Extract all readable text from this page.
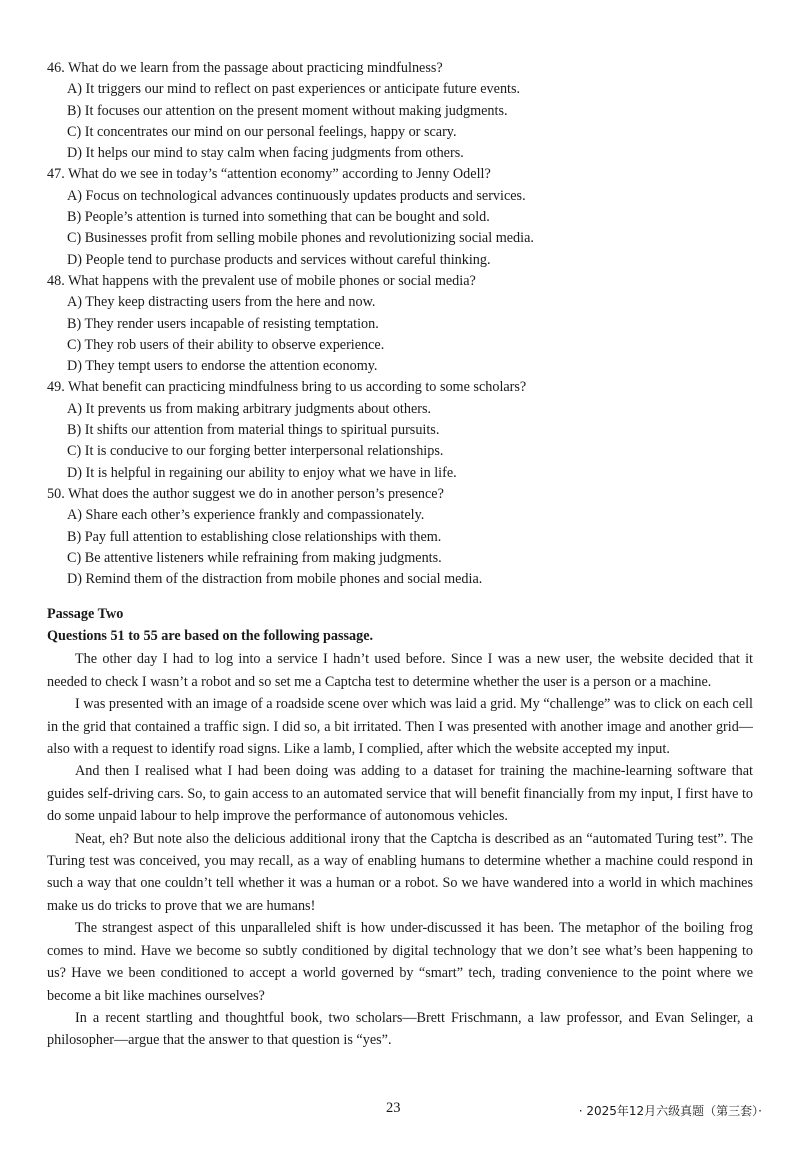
46. What do we learn from the passage about practicing mindfulness?

A) It triggers our mind to reflect on past experiences or anticipate future events.

B) It focuses our attention on the present moment without making judgments.

C) It concentrates our mind on our personal feelings, happy or scary.

D) It helps our mind to stay calm when facing judgments from others.

47. What do we see in today’s “attention economy” according to Jenny Odell?

A) Focus on technological advances continuously updates products and services.

B) People’s attention is turned into something that can be bought and sold.

C) Businesses profit from selling mobile phones and revolutionizing social media.

D) People tend to purchase products and services without careful thinking.

48. What happens with the prevalent use of mobile phones or social media?

A) They keep distracting users from the here and now.

B) They render users incapable of resisting temptation.

C) They rob users of their ability to observe experience.

D) They tempt users to endorse the attention economy.

49. What benefit can practicing mindfulness bring to us according to some scholars?

A) It prevents us from making arbitrary judgments about others.

B) It shifts our attention from material things to spiritual pursuits.

C) It is conducive to our forging better interpersonal relationships.

D) It is helpful in regaining our ability to enjoy what we have in life.

50. What does the author suggest we do in another person’s presence?

A) Share each other’s experience frankly and compassionately.

B) Pay full attention to establishing close relationships with them.

C) Be attentive listeners while refraining from making judgments.

D) Remind them of the distraction from mobile phones and social media.

Passage Two
Questions 51 to 55 are based on the following passage.

The other day I had to log into a service I hadn’t used before. Since I was a new user, the website decided that it needed to check I wasn’t a robot and so set me a Captcha test to determine whether the user is a person or a machine.

I was presented with an image of a roadside scene over which was laid a grid. My “challenge” was to click on each cell in the grid that contained a traffic sign. I did so, a bit irritated. Then I was presented with another image and another grid—also with a request to identify road signs. Like a lamb, I complied, after which the website accepted my input.

And then I realised what I had been doing was adding to a dataset for training the machine-learning software that guides self-driving cars. So, to gain access to an automated service that will benefit financially from my input, I first have to do some unpaid labour to help improve the performance of autonomous vehicles.

Neat, eh? But note also the delicious additional irony that the Captcha is described as an “automated Turing test”. The Turing test was conceived, you may recall, as a way of enabling humans to determine whether a machine could respond in such a way that one couldn’t tell whether it was a human or a robot. So we have wandered into a world in which machines make us do tricks to prove that we are humans!

The strangest aspect of this unparalleled shift is how under-discussed it has been. The metaphor of the boiling frog comes to mind. Have we become so subtly conditioned by digital technology that we don’t see what’s been happening to us? Have we been conditioned to accept a world governed by “smart” tech, trading convenience to the point where we become a bit like machines ourselves?

In a recent startling and thoughtful book, two scholars—Brett Frischmann, a law professor, and Evan Selinger, a philosopher—argue that the answer to that question is “yes”.

23	· 2025年12月六级真题（第三套）·
